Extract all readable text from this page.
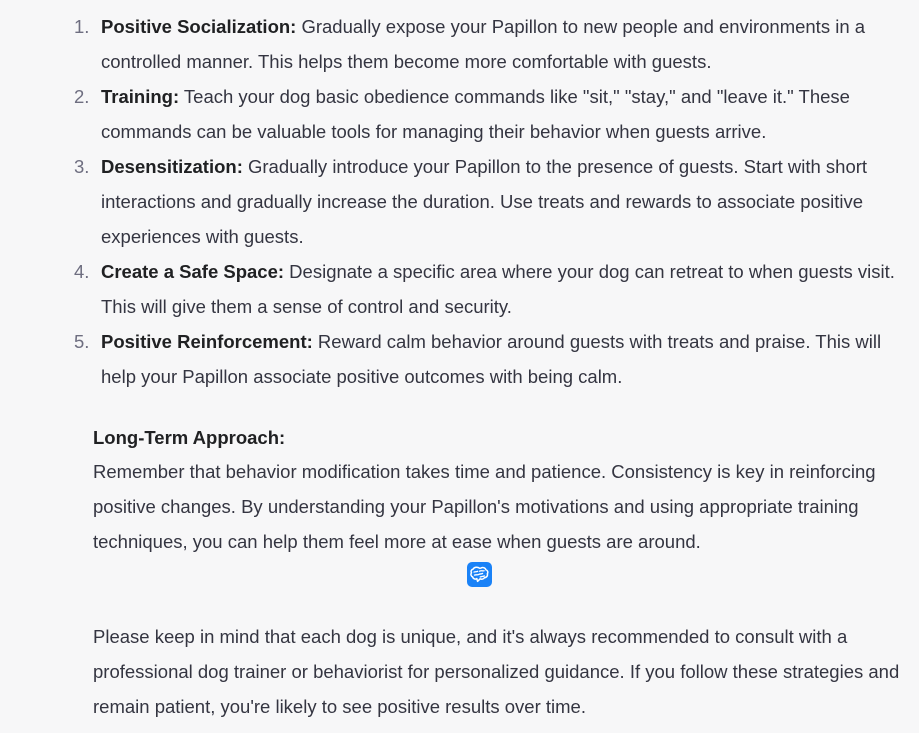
1. Positive Socialization: Gradually expose your Papillon to new people and environments in a controlled manner. This helps them become more comfortable with guests.
2. Training: Teach your dog basic obedience commands like "sit," "stay," and "leave it." These commands can be valuable tools for managing their behavior when guests arrive.
3. Desensitization: Gradually introduce your Papillon to the presence of guests. Start with short interactions and gradually increase the duration. Use treats and rewards to associate positive experiences with guests.
4. Create a Safe Space: Designate a specific area where your dog can retreat to when guests visit. This will give them a sense of control and security.
5. Positive Reinforcement: Reward calm behavior around guests with treats and praise. This will help your Papillon associate positive outcomes with being calm.
Long-Term Approach:

Remember that behavior modification takes time and patience. Consistency is key in reinforcing positive changes. By understanding your Papillon's motivations and using appropriate training techniques, you can help them feel more at ease when guests are around.

Please keep in mind that each dog is unique, and it's always recommended to consult with a professional dog trainer or behaviorist for personalized guidance. If you follow these strategies and remain patient, you're likely to see positive results over time.
